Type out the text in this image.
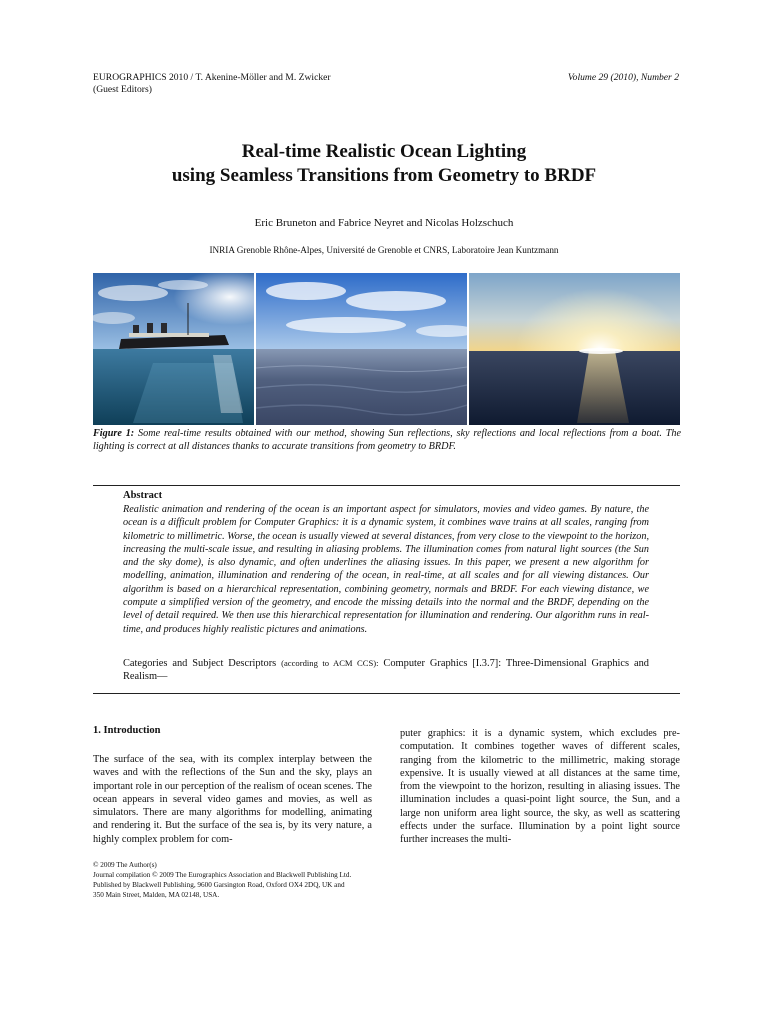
EUROGRAPHICS 2010 / T. Akenine-Möller and M. Zwicker
(Guest Editors)
Volume 29 (2010), Number 2
Real-time Realistic Ocean Lighting
using Seamless Transitions from Geometry to BRDF
Eric Bruneton and Fabrice Neyret and Nicolas Holzschuch
INRIA Grenoble Rhône-Alpes, Université de Grenoble et CNRS, Laboratoire Jean Kuntzmann
Figure 1: Some real-time results obtained with our method, showing Sun reflections, sky reflections and local reflections from a boat. The lighting is correct at all distances thanks to accurate transitions from geometry to BRDF.
Abstract
Realistic animation and rendering of the ocean is an important aspect for simulators, movies and video games. By nature, the ocean is a difficult problem for Computer Graphics: it is a dynamic system, it combines wave trains at all scales, ranging from kilometric to millimetric. Worse, the ocean is usually viewed at several distances, from very close to the viewpoint to the horizon, increasing the multi-scale issue, and resulting in aliasing problems. The illumination comes from natural light sources (the Sun and the sky dome), is also dynamic, and often underlines the aliasing issues. In this paper, we present a new algorithm for modelling, animation, illumination and rendering of the ocean, in real-time, at all scales and for all viewing distances. Our algorithm is based on a hierarchical representation, combining geometry, normals and BRDF. For each viewing distance, we compute a simplified version of the geometry, and encode the missing details into the normal and the BRDF, depending on the level of detail required. We then use this hierarchical representation for illumination and rendering. Our algorithm runs in real-time, and produces highly realistic pictures and animations.
Categories and Subject Descriptors (according to ACM CCS): Computer Graphics [I.3.7]: Three-Dimensional Graphics and Realism—
1. Introduction
The surface of the sea, with its complex interplay between the waves and with the reflections of the Sun and the sky, plays an important role in our perception of the realism of ocean scenes. The ocean appears in several video games and movies, as well as simulators. There are many algorithms for modelling, animating and rendering it. But the surface of the sea is, by its very nature, a highly complex problem for com-
puter graphics: it is a dynamic system, which excludes pre-computation. It combines together waves of different scales, ranging from the kilometric to the millimetric, making storage expensive. It is usually viewed at all distances at the same time, from the viewpoint to the horizon, resulting in aliasing issues. The illumination includes a quasi-point light source, the Sun, and a large non uniform area light source, the sky, as well as scattering effects under the surface. Illumination by a point light source further increases the multi-
© 2009 The Author(s)
Journal compilation © 2009 The Eurographics Association and Blackwell Publishing Ltd.
Published by Blackwell Publishing, 9600 Garsington Road, Oxford OX4 2DQ, UK and
350 Main Street, Malden, MA 02148, USA.
